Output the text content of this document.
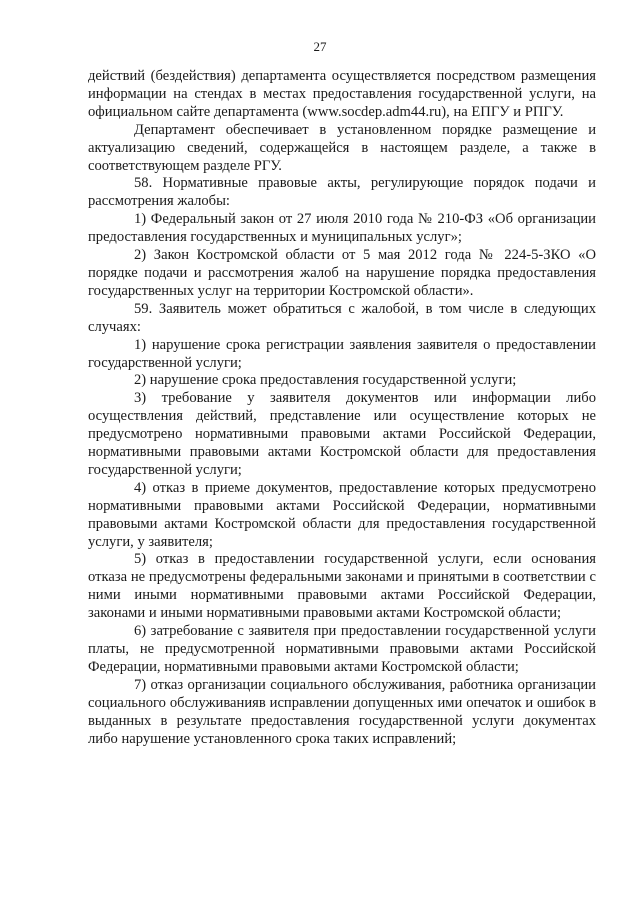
27

действий (бездействия) департамента осуществляется посредством размещения информации на стендах в местах предоставления государственной услуги, на официальном сайте департамента (www.socdep.adm44.ru), на ЕПГУ и РПГУ.

Департамент обеспечивает в установленном порядке размещение и актуализацию сведений, содержащейся в настоящем разделе, а также в соответствующем разделе РГУ.

58. Нормативные правовые акты, регулирующие порядок подачи и рассмотрения жалобы:

1) Федеральный закон от 27 июля 2010 года № 210-ФЗ «Об организации предоставления государственных и муниципальных услуг»;

2) Закон Костромской области от 5 мая 2012 года № 224-5-ЗКО «О порядке подачи и рассмотрения жалоб на нарушение порядка предоставления государственных услуг на территории Костромской области».

59. Заявитель может обратиться с жалобой, в том числе в следующих случаях:

1) нарушение срока регистрации заявления заявителя о предоставлении государственной услуги;

2) нарушение срока предоставления государственной услуги;

3) требование у заявителя документов или информации либо осуществления действий, представление или осуществление которых не предусмотрено нормативными правовыми актами Российской Федерации, нормативными правовыми актами Костромской области для предоставления государственной услуги;

4) отказ в приеме документов, предоставление которых предусмотрено нормативными правовыми актами Российской Федерации, нормативными правовыми актами Костромской области для предоставления государственной услуги, у заявителя;

5) отказ в предоставлении государственной услуги, если основания отказа не предусмотрены федеральными законами и принятыми в соответствии с ними иными нормативными правовыми актами Российской Федерации, законами и иными нормативными правовыми актами Костромской области;

6) затребование с заявителя при предоставлении государственной услуги платы, не предусмотренной нормативными правовыми актами Российской Федерации, нормативными правовыми актами Костромской области;

7) отказ организации социального обслуживания, работника организации социального обслуживанияв исправлении допущенных ими опечаток и ошибок в выданных в результате предоставления государственной услуги документах либо нарушение установленного срока таких исправлений;
